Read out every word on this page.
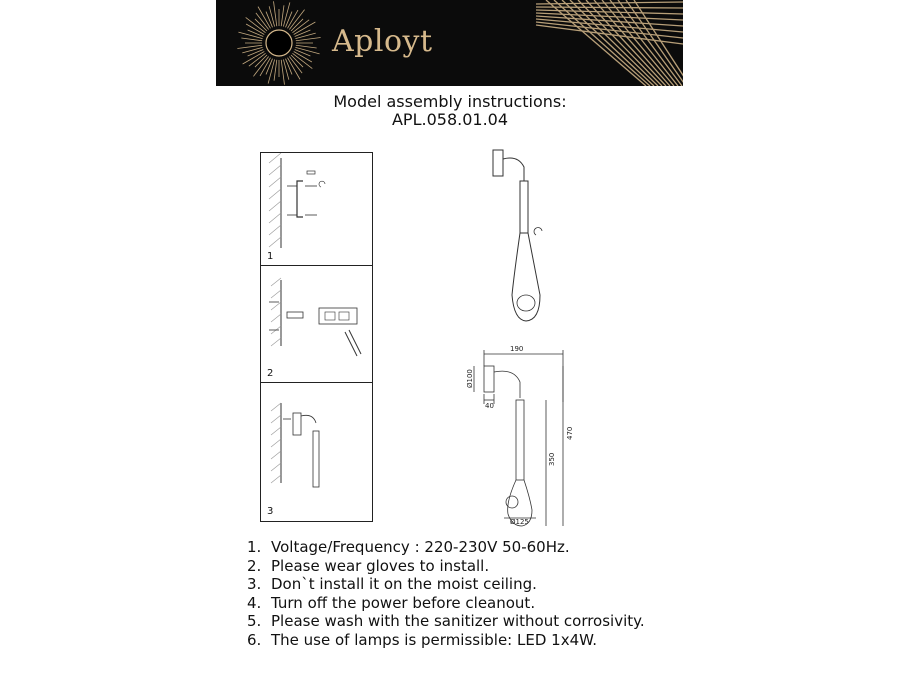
Aployt
Model assembly instructions:
APL.058.01.04
1
2
3
190
Ø100
40
470
350
Ø125
1. Voltage/Frequency : 220-230V 50-60Hz.
2. Please wear gloves to install.
3. Don`t install it on the moist ceiling.
4. Turn off the power before cleanout.
5. Please wash with the sanitizer without corrosivity.
6. The use of lamps is permissible: LED 1x4W.
